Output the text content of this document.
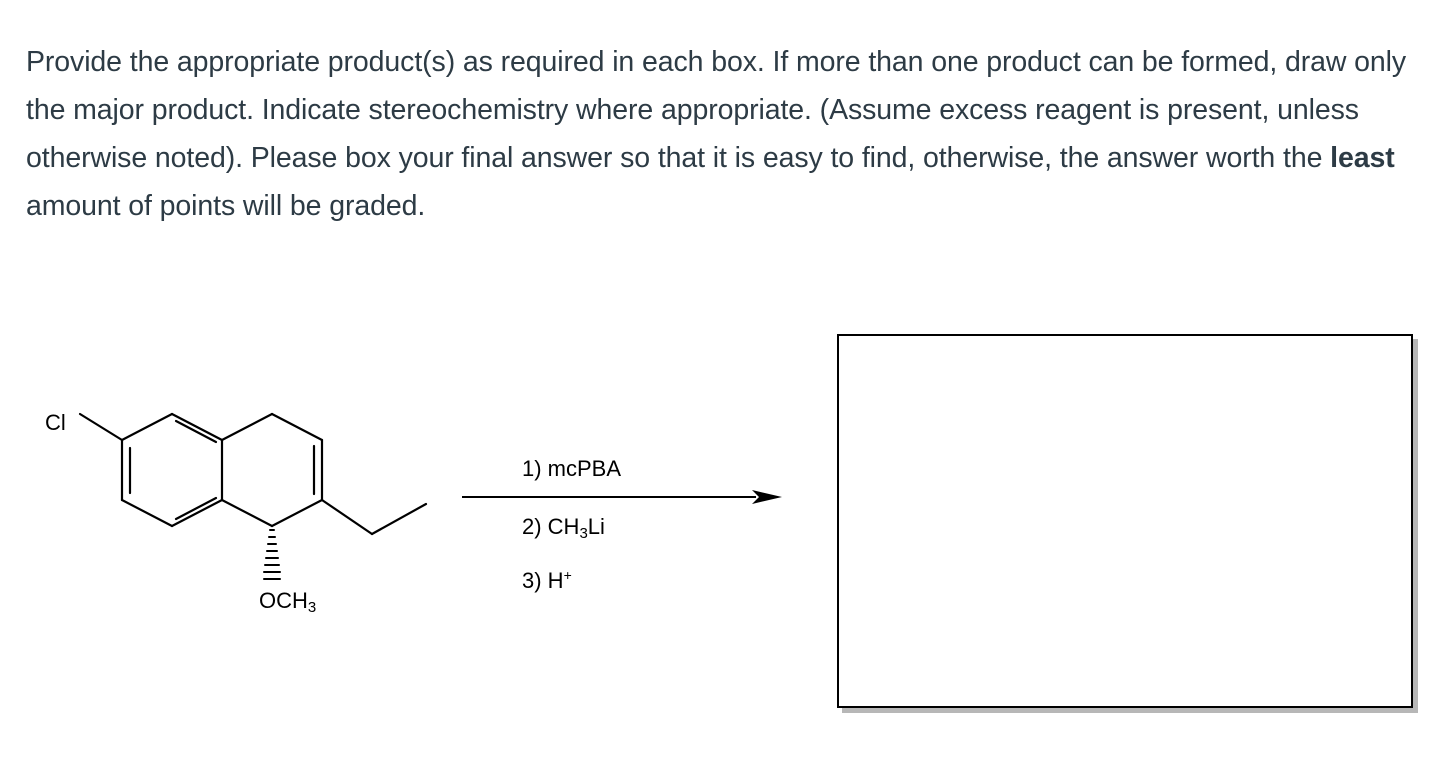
Provide the appropriate product(s) as required in each box. If more than one product can be formed, draw only the major product. Indicate stereochemistry where appropriate. (Assume excess reagent is present, unless otherwise noted). Please box your final answer so that it is easy to find, otherwise, the answer worth the least amount of points will be graded.
Cl
$OCH_3$
1) mcPBA
2) $CH_3Li$
3) H+
